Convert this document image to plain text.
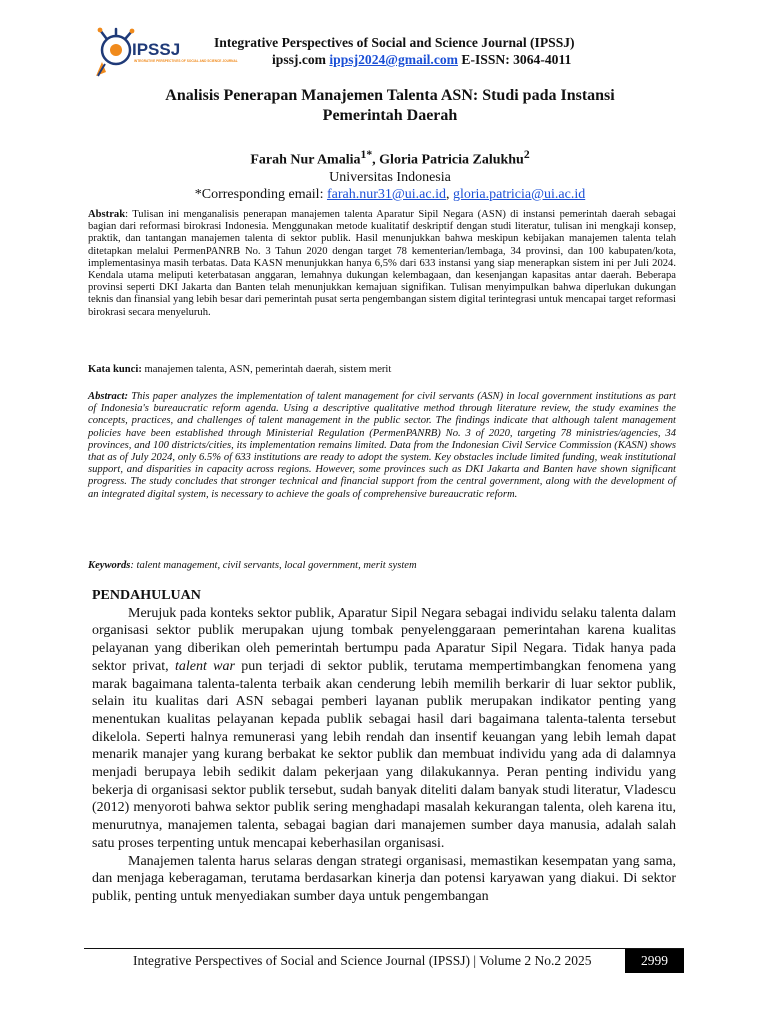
IPSSJ
INTEGRATIVE PERSPECTIVES OF SOCIAL AND SCIENCE JOURNAL
Integrative Perspectives of Social and Science Journal (IPSSJ)
ipssj.com ippsj2024@gmail.com E-ISSN: 3064-4011
Analisis Penerapan Manajemen Talenta ASN: Studi pada Instansi
Pemerintah Daerah
Farah Nur Amalia$^{1*}$, Gloria Patricia Zalukhu$^2$
Universitas Indonesia
*Corresponding email: farah.nur31@ui.ac.id, gloria.patricia@ui.ac.id

Abstrak: Tulisan ini menganalisis penerapan manajemen talenta Aparatur Sipil Negara (ASN) di instansi pemerintah daerah sebagai bagian dari reformasi birokrasi Indonesia. Menggunakan metode kualitatif deskriptif dengan studi literatur, tulisan ini mengkaji konsep, praktik, dan tantangan manajemen talenta di sektor publik. Hasil menunjukkan bahwa meskipun kebijakan manajemen talenta telah ditetapkan melalui PermenPANRB No. 3 Tahun 2020 dengan target 78 kementerian/lembaga, 34 provinsi, dan 100 kabupaten/kota, implementasinya masih terbatas. Data KASN menunjukkan hanya 6,5% dari 633 instansi yang siap menerapkan sistem ini per Juli 2024. Kendala utama meliputi keterbatasan anggaran, lemahnya dukungan kelembagaan, dan kesenjangan kapasitas antar daerah. Beberapa provinsi seperti DKI Jakarta dan Banten telah menunjukkan kemajuan signifikan. Tulisan menyimpulkan bahwa diperlukan dukungan teknis dan finansial yang lebih besar dari pemerintah pusat serta pengembangan sistem digital terintegrasi untuk mencapai target reformasi birokrasi secara menyeluruh.

Kata kunci: manajemen talenta, ASN, pemerintah daerah, sistem merit

Abstract: This paper analyzes the implementation of talent management for civil servants (ASN) in local government institutions as part of Indonesia's bureaucratic reform agenda. Using a descriptive qualitative method through literature review, the study examines the concepts, practices, and challenges of talent management in the public sector. The findings indicate that although talent management policies have been established through Ministerial Regulation (PermenPANRB) No. 3 of 2020, targeting 78 ministries/agencies, 34 provinces, and 100 districts/cities, its implementation remains limited. Data from the Indonesian Civil Service Commission (KASN) shows that as of July 2024, only 6.5% of 633 institutions are ready to adopt the system. Key obstacles include limited funding, weak institutional support, and disparities in capacity across regions. However, some provinces such as DKI Jakarta and Banten have shown significant progress. The study concludes that stronger technical and financial support from the central government, along with the development of an integrated digital system, is necessary to achieve the goals of comprehensive bureaucratic reform.

Keywords: talent management, civil servants, local government, merit system

PENDAHULUAN

Merujuk pada konteks sektor publik, Aparatur Sipil Negara sebagai individu selaku talenta dalam organisasi sektor publik merupakan ujung tombak penyelenggaraan pemerintahan karena kualitas pelayanan yang diberikan oleh pemerintah bertumpu pada Aparatur Sipil Negara. Tidak hanya pada sektor privat, talent war pun terjadi di sektor publik, terutama mempertimbangkan fenomena yang marak bagaimana talenta-talenta terbaik akan cenderung lebih memilih berkarir di luar sektor publik, selain itu kualitas dari ASN sebagai pemberi layanan publik merupakan indikator penting yang menentukan kualitas pelayanan kepada publik sebagai hasil dari bagaimana talenta-talenta tersebut dikelola. Seperti halnya remunerasi yang lebih rendah dan insentif keuangan yang lebih lemah dapat menarik manajer yang kurang berbakat ke sektor publik dan membuat individu yang ada di dalamnya menjadi berupaya lebih sedikit dalam pekerjaan yang dilakukannya. Peran penting individu yang bekerja di organisasi sektor publik tersebut, sudah banyak diteliti dalam banyak studi literatur, Vladescu (2012) menyoroti bahwa sektor publik sering menghadapi masalah kekurangan talenta, oleh karena itu, menurutnya, manajemen talenta, sebagai bagian dari manajemen sumber daya manusia, adalah salah satu proses terpenting untuk mencapai keberhasilan organisasi.

Manajemen talenta harus selaras dengan strategi organisasi, memastikan kesempatan yang sama, dan menjaga keberagaman, terutama berdasarkan kinerja dan potensi karyawan yang diakui. Di sektor publik, penting untuk menyediakan sumber daya untuk pengembangan

Integrative Perspectives of Social and Science Journal (IPSSJ) | Volume 2 No.2 2025	2999
